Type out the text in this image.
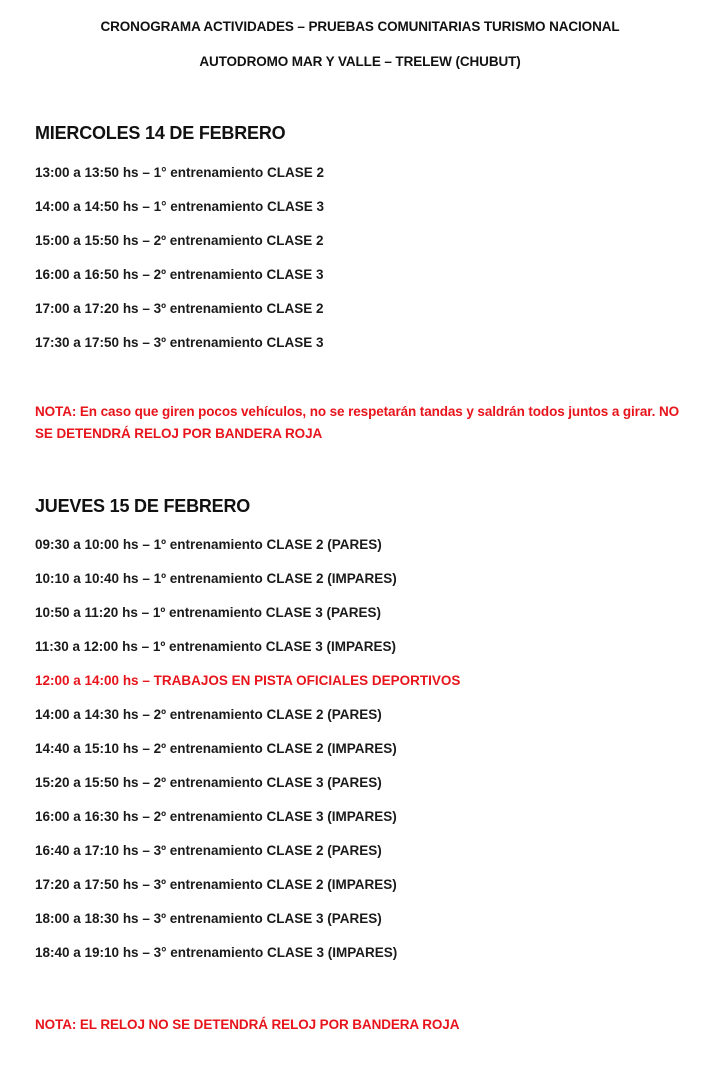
CRONOGRAMA ACTIVIDADES – PRUEBAS COMUNITARIAS TURISMO NACIONAL
AUTODROMO MAR Y VALLE – TRELEW (CHUBUT)
MIERCOLES 14 DE FEBRERO
13:00 a 13:50 hs – 1° entrenamiento CLASE 2
14:00 a 14:50 hs – 1° entrenamiento CLASE 3
15:00 a 15:50 hs – 2º entrenamiento CLASE 2
16:00 a 16:50 hs – 2º entrenamiento CLASE 3
17:00 a 17:20 hs – 3º entrenamiento CLASE 2
17:30 a 17:50 hs – 3º entrenamiento CLASE 3
NOTA: En caso que giren pocos vehículos, no se respetarán tandas y saldrán todos juntos a girar. NO SE DETENDRÁ RELOJ POR BANDERA ROJA
JUEVES 15 DE FEBRERO
09:30 a 10:00 hs – 1º entrenamiento CLASE 2 (PARES)
10:10 a 10:40 hs – 1º entrenamiento CLASE 2 (IMPARES)
10:50 a 11:20 hs – 1º entrenamiento CLASE 3 (PARES)
11:30 a 12:00 hs – 1º entrenamiento CLASE 3 (IMPARES)
12:00 a 14:00 hs – TRABAJOS EN PISTA OFICIALES DEPORTIVOS
14:00 a 14:30 hs – 2º entrenamiento CLASE 2 (PARES)
14:40 a 15:10 hs – 2º entrenamiento CLASE 2 (IMPARES)
15:20 a 15:50 hs – 2º entrenamiento CLASE 3 (PARES)
16:00 a 16:30 hs – 2º entrenamiento CLASE 3 (IMPARES)
16:40 a 17:10 hs – 3º entrenamiento CLASE 2 (PARES)
17:20 a 17:50 hs – 3º entrenamiento CLASE 2 (IMPARES)
18:00 a 18:30 hs – 3º entrenamiento CLASE 3 (PARES)
18:40 a 19:10 hs – 3° entrenamiento CLASE 3 (IMPARES)
NOTA: EL RELOJ NO SE DETENDRÁ RELOJ POR BANDERA ROJA
